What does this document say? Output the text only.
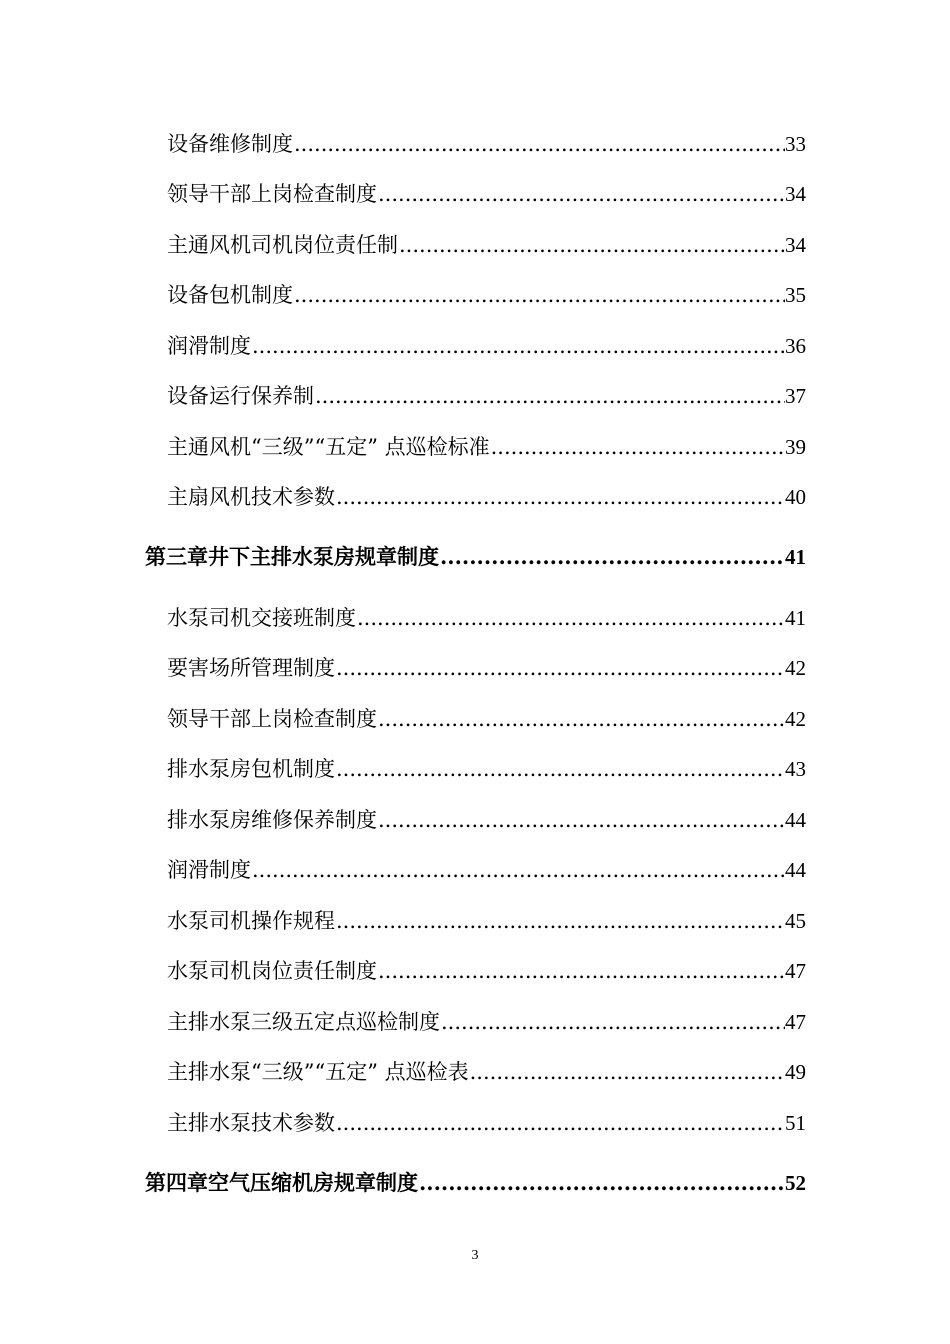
设备维修制度 .....	33
领导干部上岗检查制度 .....	34
主通风机司机岗位责任制 .....	34
设备包机制度 .....	35
润滑制度 .....	36
设备运行保养制 .....	37
主通风机“三级”“五定” 点巡检标准 .....	39
主扇风机技术参数 .....	40
第三章井下主排水泵房规章制度 .....	41
水泵司机交接班制度 .....	41
要害场所管理制度 .....	42
领导干部上岗检查制度 .....	42
排水泵房包机制度 .....	43
排水泵房维修保养制度 .....	44
润滑制度 .....	44
水泵司机操作规程 .....	45
水泵司机岗位责任制度 .....	47
主排水泵三级五定点巡检制度 .....	47
主排水泵“三级”“五定” 点巡检表 .....	49
主排水泵技术参数 .....	51
第四章空气压缩机房规章制度 .....	52
3
